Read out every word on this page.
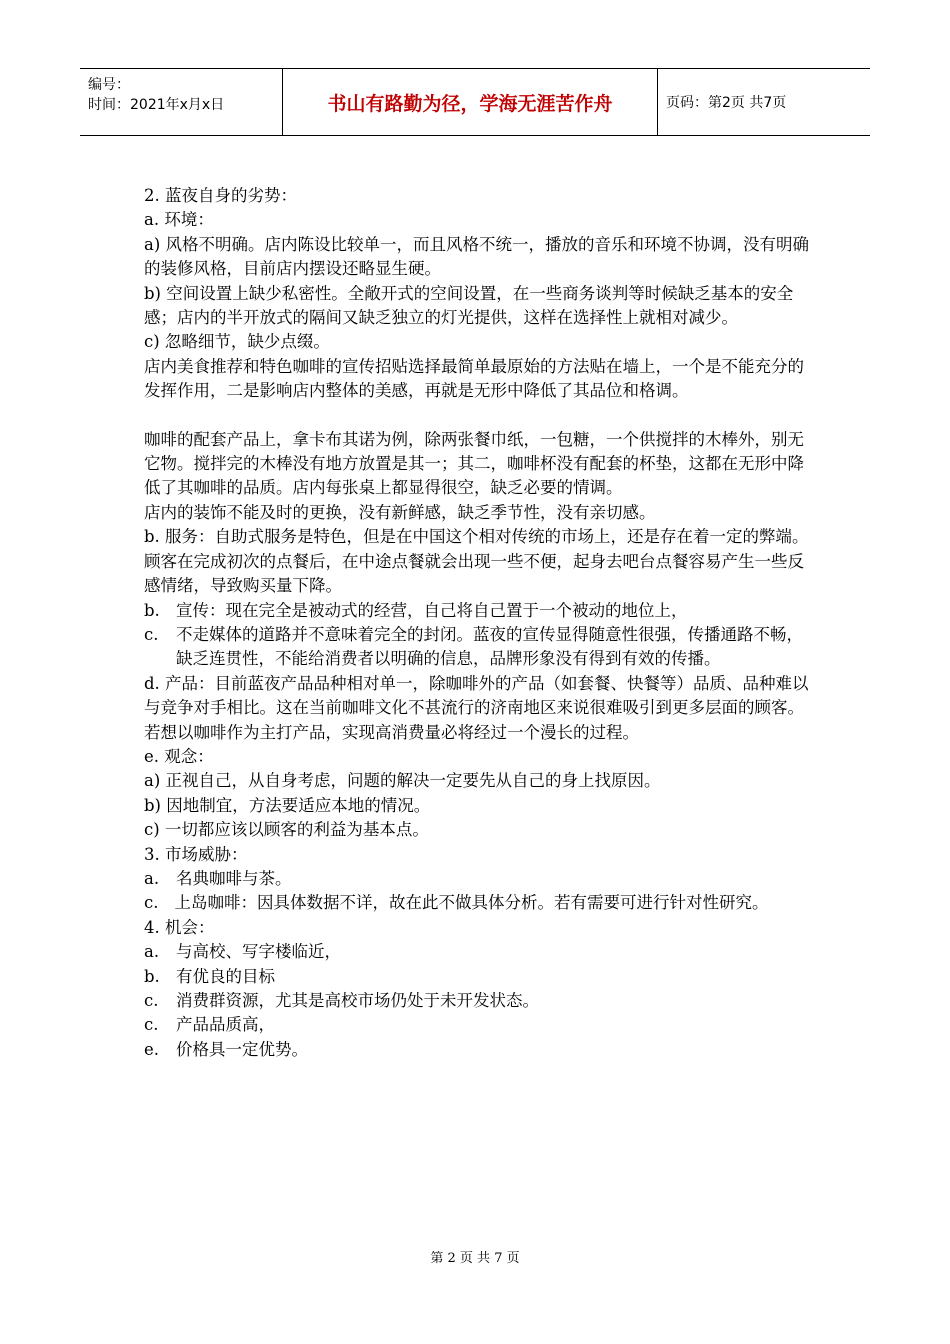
编号：
时间：2021年x月x日	书山有路勤为径，学海无涯苦作舟	页码：第2页 共7页

2. 蓝夜自身的劣势：

a. 环境：

a) 风格不明确。店内陈设比较单一，而且风格不统一，播放的音乐和环境不协调，没有明确的装修风格，目前店内摆设还略显生硬。

b) 空间设置上缺少私密性。全敞开式的空间设置，在一些商务谈判等时候缺乏基本的安全感；店内的半开放式的隔间又缺乏独立的灯光提供，这样在选择性上就相对减少。

c) 忽略细节，缺少点缀。

店内美食推荐和特色咖啡的宣传招贴选择最简单最原始的方法贴在墙上，一个是不能充分的发挥作用，二是影响店内整体的美感，再就是无形中降低了其品位和格调。

咖啡的配套产品上，拿卡布其诺为例，除两张餐巾纸，一包糖，一个供搅拌的木棒外，别无它物。搅拌完的木棒没有地方放置是其一；其二，咖啡杯没有配套的杯垫，这都在无形中降低了其咖啡的品质。店内每张桌上都显得很空，缺乏必要的情调。

店内的装饰不能及时的更换，没有新鲜感，缺乏季节性，没有亲切感。

b. 服务：自助式服务是特色，但是在中国这个相对传统的市场上，还是存在着一定的弊端。顾客在完成初次的点餐后，在中途点餐就会出现一些不便，起身去吧台点餐容易产生一些反感情绪，导致购买量下降。

b. 宣传：现在完全是被动式的经营，自己将自己置于一个被动的地位上，
c.	不走媒体的道路并不意味着完全的封闭。蓝夜的宣传显得随意性很强，传播通路不畅，缺乏连贯性，不能给消费者以明确的信息，品牌形象没有得到有效的传播。

d. 产品：目前蓝夜产品品种相对单一，除咖啡外的产品（如套餐、快餐等）品质、品种难以与竞争对手相比。这在当前咖啡文化不甚流行的济南地区来说很难吸引到更多层面的顾客。若想以咖啡作为主打产品，实现高消费量必将经过一个漫长的过程。

e. 观念：

a) 正视自己，从自身考虑，问题的解决一定要先从自己的身上找原因。

b) 因地制宜，方法要适应本地的情况。

c) 一切都应该以顾客的利益为基本点。

3. 市场威胁：

a.	名典咖啡与茶。

c. 上岛咖啡：因具体数据不详，故在此不做具体分析。若有需要可进行针对性研究。

4. 机会：

a.	与高校、写字楼临近，
b. 有优良的目标
c.	消费群资源，尤其是高校市场仍处于未开发状态。
c.	产品品质高，
e.	价格具一定优势。
第 2 页 共 7 页
